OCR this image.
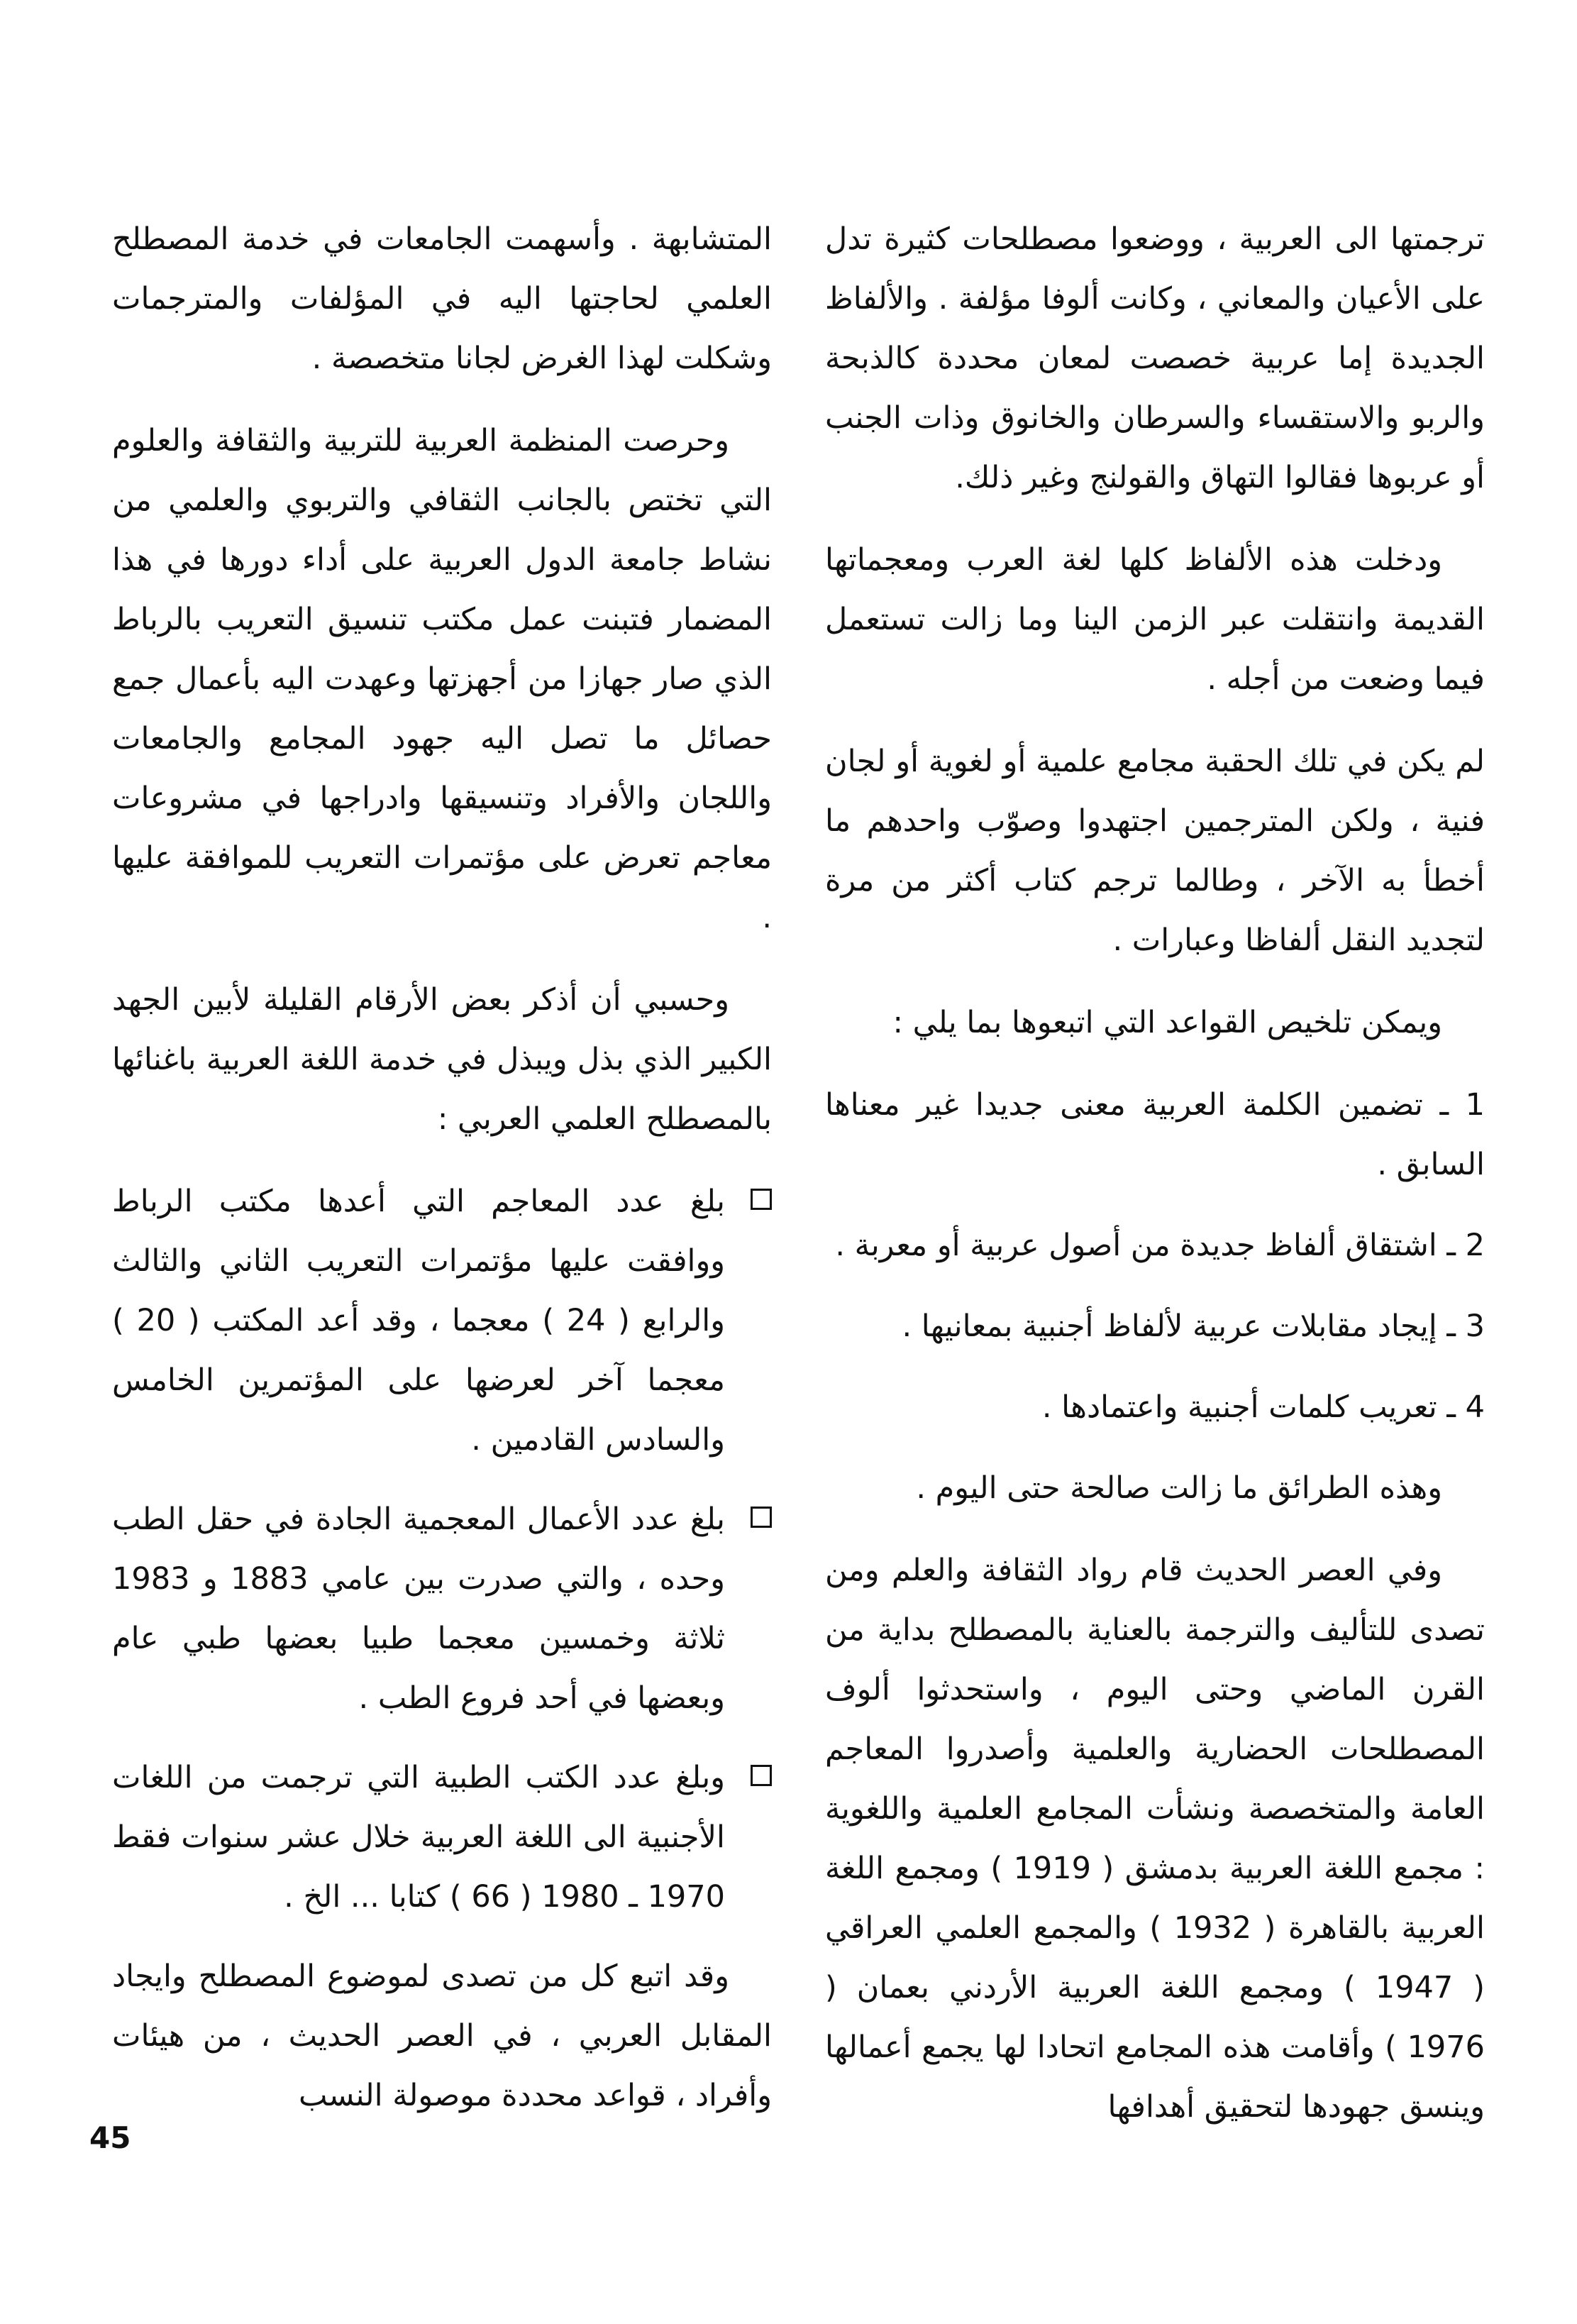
ترجمتها الى العربية ، ووضعوا مصطلحات كثيرة تدل على الأعيان والمعاني ، وكانت ألوفا مؤلفة . والألفاظ الجديدة إما عربية خصصت لمعان محددة كالذبحة والربو والاستقساء والسرطان والخانوق وذات الجنب أو عربوها فقالوا التهاق والقولنج وغير ذلك.

ودخلت هذه الألفاظ كلها لغة العرب ومعجماتها القديمة وانتقلت عبر الزمن الينا وما زالت تستعمل فيما وضعت من أجله .

لم يكن في تلك الحقبة مجامع علمية أو لغوية أو لجان فنية ، ولكن المترجمين اجتهدوا وصوّب واحدهم ما أخطأ به الآخر ، وطالما ترجم كتاب أكثر من مرة لتجديد النقل ألفاظا وعبارات .

ويمكن تلخيص القواعد التي اتبعوها بما يلي :

1 ـ تضمين الكلمة العربية معنى جديدا غير معناها السابق .

2 ـ اشتقاق ألفاظ جديدة من أصول عربية أو معربة .

3 ـ إيجاد مقابلات عربية لألفاظ أجنبية بمعانيها .

4 ـ تعريب كلمات أجنبية واعتمادها .

وهذه الطرائق ما زالت صالحة حتى اليوم .

وفي العصر الحديث قام رواد الثقافة والعلم ومن تصدى للتأليف والترجمة بالعناية بالمصطلح بداية من القرن الماضي وحتى اليوم ، واستحدثوا ألوف المصطلحات الحضارية والعلمية وأصدروا المعاجم العامة والمتخصصة ونشأت المجامع العلمية واللغوية : مجمع اللغة العربية بدمشق ( 1919 ) ومجمع اللغة العربية بالقاهرة ( 1932 ) والمجمع العلمي العراقي ( 1947 ) ومجمع اللغة العربية الأردني بعمان ( 1976 ) وأقامت هذه المجامع اتحادا لها يجمع أعمالها وينسق جهودها لتحقيق أهدافها

المتشابهة . وأسهمت الجامعات في خدمة المصطلح العلمي لحاجتها اليه في المؤلفات والمترجمات وشكلت لهذا الغرض لجانا متخصصة .

وحرصت المنظمة العربية للتربية والثقافة والعلوم التي تختص بالجانب الثقافي والتربوي والعلمي من نشاط جامعة الدول العربية على أداء دورها في هذا المضمار فتبنت عمل مكتب تنسيق التعريب بالرباط الذي صار جهازا من أجهزتها وعهدت اليه بأعمال جمع حصائل ما تصل اليه جهود المجامع والجامعات واللجان والأفراد وتنسيقها وادراجها في مشروعات معاجم تعرض على مؤتمرات التعريب للموافقة عليها .

وحسبي أن أذكر بعض الأرقام القليلة لأبين الجهد الكبير الذي بذل ويبذل في خدمة اللغة العربية باغنائها بالمصطلح العلمي العربي :

بلغ عدد المعاجم التي أعدها مكتب الرباط ووافقت عليها مؤتمرات التعريب الثاني والثالث والرابع ( 24 ) معجما ، وقد أعد المكتب ( 20 ) معجما آخر لعرضها على المؤتمرين الخامس والسادس القادمين .
بلغ عدد الأعمال المعجمية الجادة في حقل الطب وحده ، والتي صدرت بين عامي 1883 و 1983 ثلاثة وخمسين معجما طبيا بعضها طبي عام وبعضها في أحد فروع الطب .
وبلغ عدد الكتب الطبية التي ترجمت من اللغات الأجنبية الى اللغة العربية خلال عشر سنوات فقط 1970 ـ 1980 ( 66 ) كتابا ... الخ .

وقد اتبع كل من تصدى لموضوع المصطلح وايجاد المقابل العربي ، في العصر الحديث ، من هيئات وأفراد ، قواعد محددة موصولة النسب

45
